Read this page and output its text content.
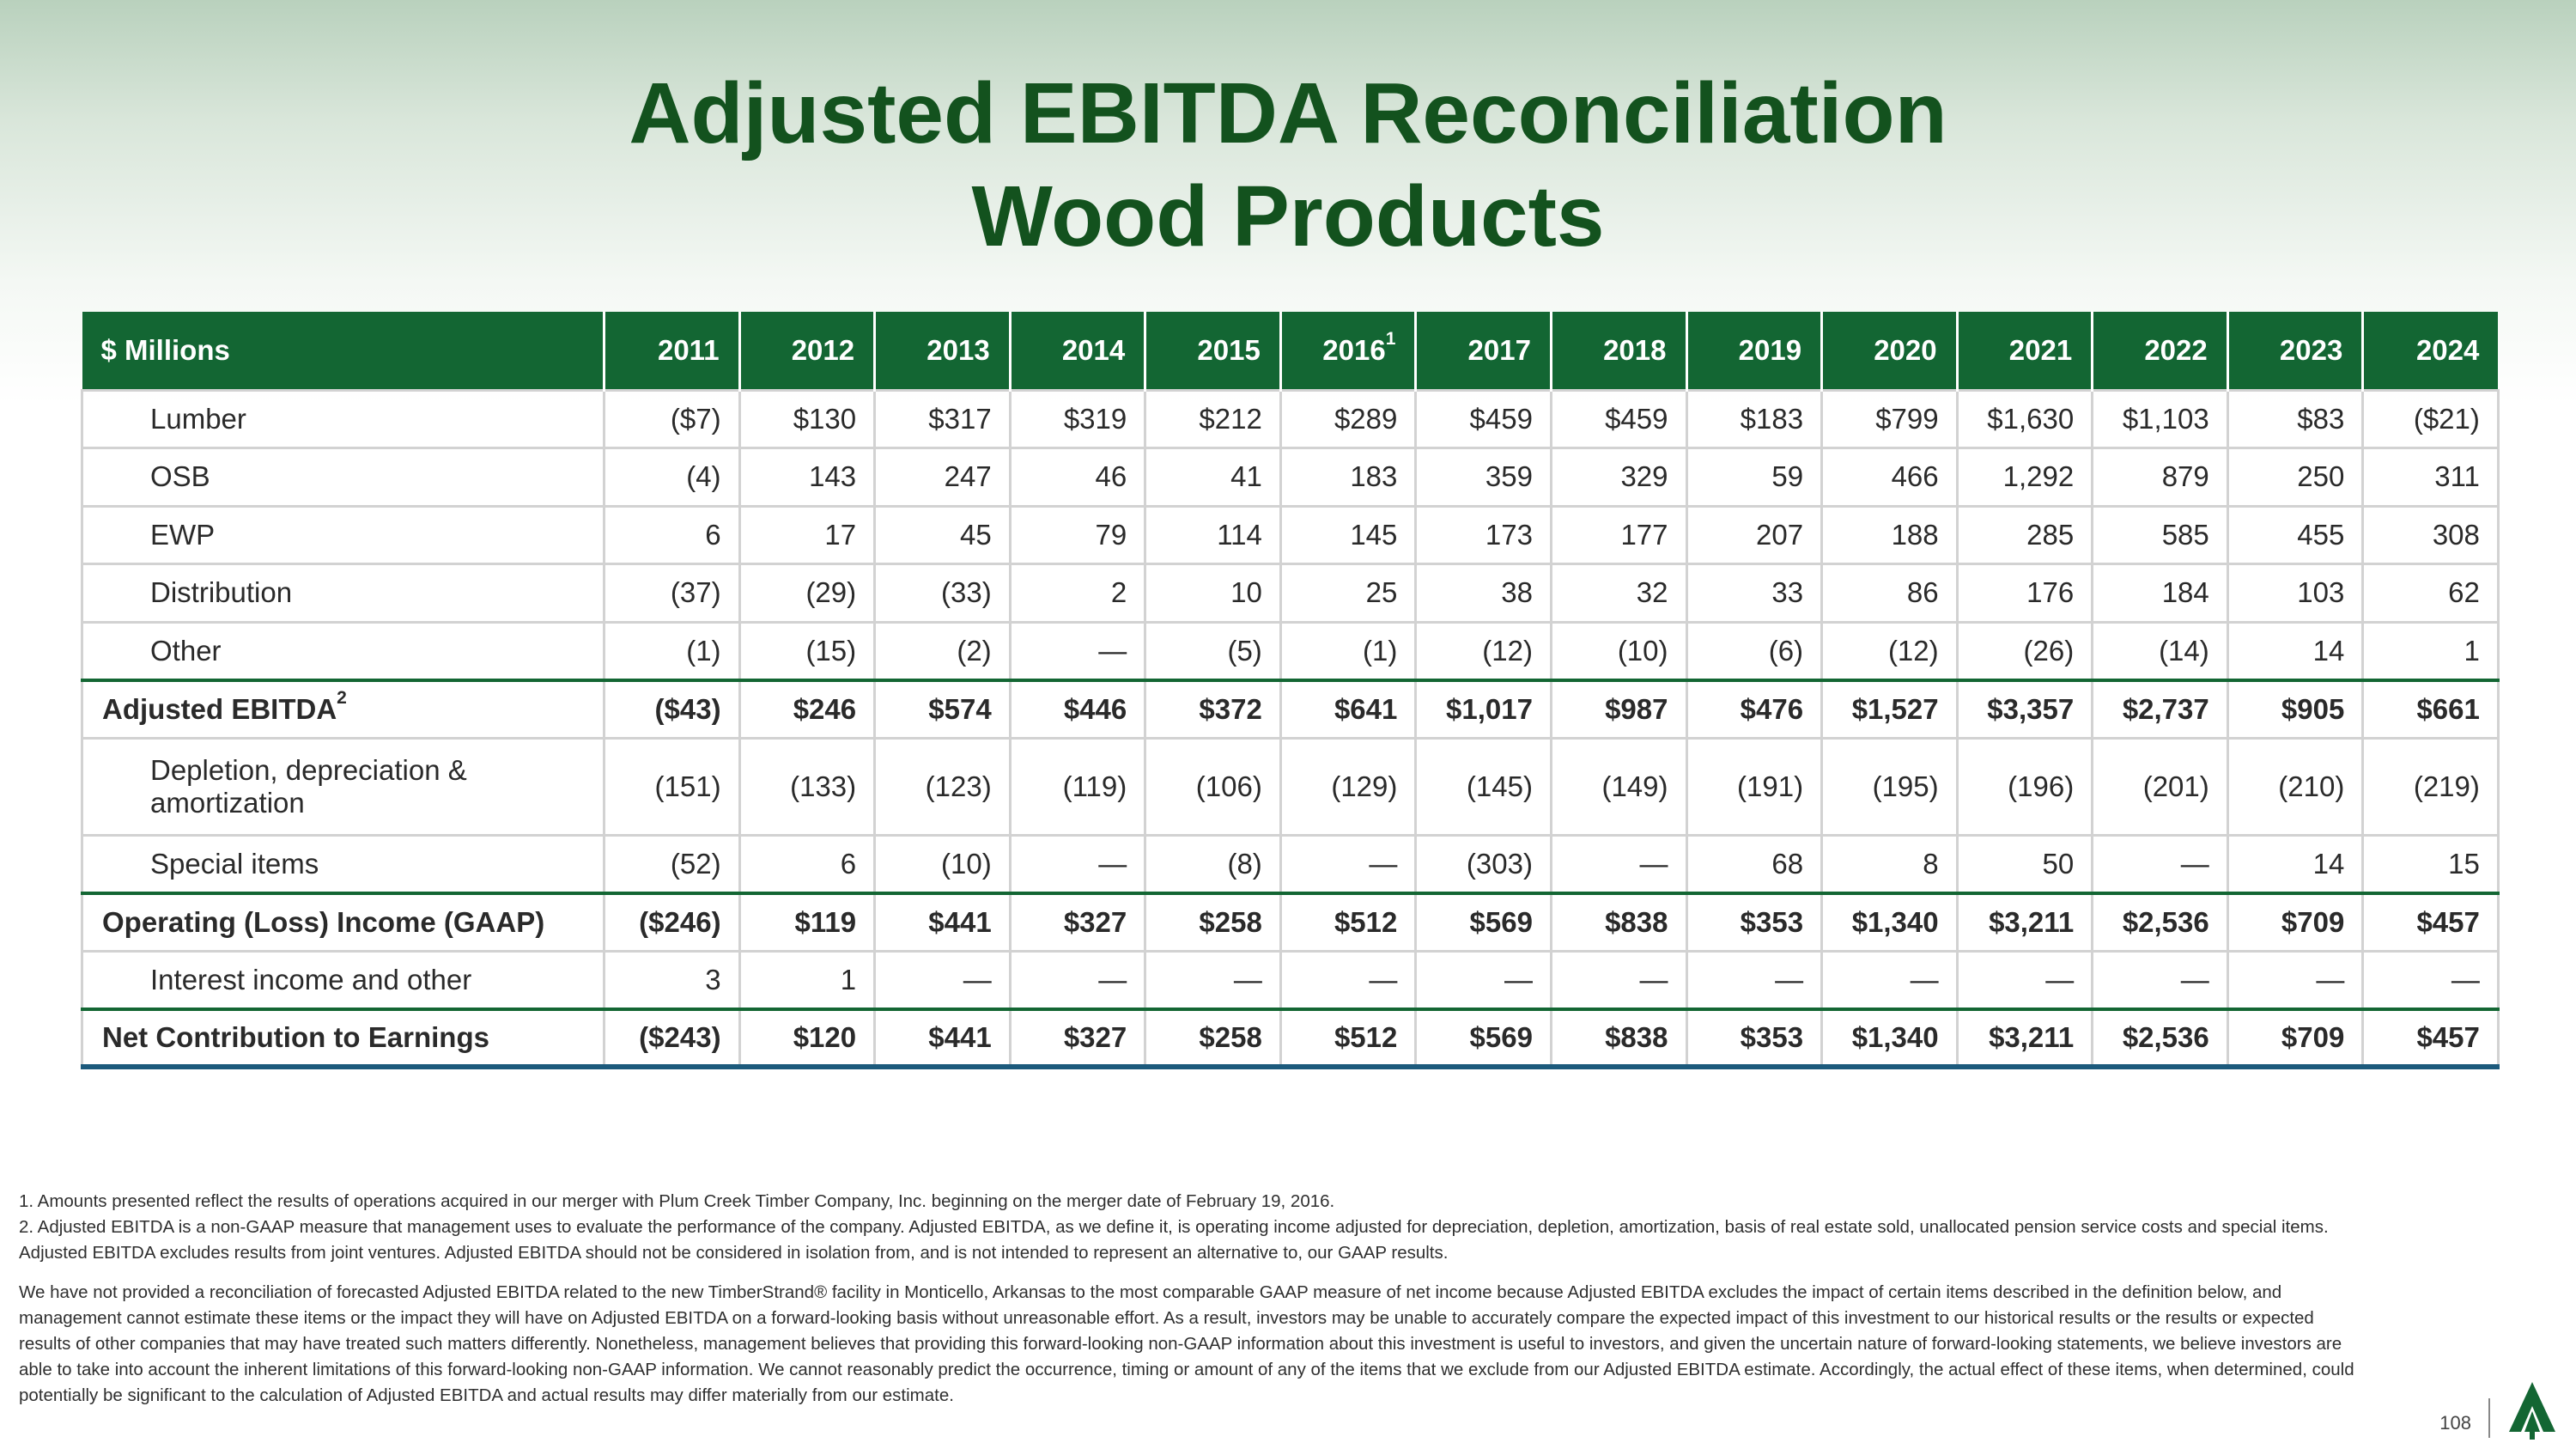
Adjusted EBITDA Reconciliation
Wood Products
$ Millions	2011	2012	2013	2014	2015	2016$^1$	2017	2018	2019	2020	2021	2022	2023	2024
Lumber	($7)	$130	$317	$319	$212	$289	$459	$459	$183	$799	$1,630	$1,103	$83	($21)
OSB	(4)	143	247	46	41	183	359	329	59	466	1,292	879	250	311
EWP	6	17	45	79	114	145	173	177	207	188	285	585	455	308
Distribution	(37)	(29)	(33)	2	10	25	38	32	33	86	176	184	103	62
Other	(1)	(15)	(2)	—	(5)	(1)	(12)	(10)	(6)	(12)	(26)	(14)	14	1
Adjusted EBITDA$^2$	($43)	$246	$574	$446	$372	$641	$1,017	$987	$476	$1,527	$3,357	$2,737	$905	$661
Depletion, depreciation & amortization	(151)	(133)	(123)	(119)	(106)	(129)	(145)	(149)	(191)	(195)	(196)	(201)	(210)	(219)
Special items	(52)	6	(10)	—	(8)	—	(303)	—	68	8	50	—	14	15
Operating (Loss) Income (GAAP)	($246)	$119	$441	$327	$258	$512	$569	$838	$353	$1,340	$3,211	$2,536	$709	$457
Interest income and other	3	1	—	—	—	—	—	—	—	—	—	—	—	—
Net Contribution to Earnings	($243)	$120	$441	$327	$258	$512	$569	$838	$353	$1,340	$3,211	$2,536	$709	$457

1. Amounts presented reflect the results of operations acquired in our merger with Plum Creek Timber Company, Inc. beginning on the merger date of February 19, 2016.

2. Adjusted EBITDA is a non-GAAP measure that management uses to evaluate the performance of the company. Adjusted EBITDA, as we define it, is operating income adjusted for depreciation, depletion, amortization, basis of real estate sold, unallocated pension service costs and special items. Adjusted EBITDA excludes results from joint ventures. Adjusted EBITDA should not be considered in isolation from, and is not intended to represent an alternative to, our GAAP results.

We have not provided a reconciliation of forecasted Adjusted EBITDA related to the new TimberStrand® facility in Monticello, Arkansas to the most comparable GAAP measure of net income because Adjusted EBITDA excludes the impact of certain items described in the definition below, and management cannot estimate these items or the impact they will have on Adjusted EBITDA on a forward-looking basis without unreasonable effort. As a result, investors may be unable to accurately compare the expected impact of this investment to our historical results or the results or expected results of other companies that may have treated such matters differently. Nonetheless, management believes that providing this forward-looking non-GAAP information about this investment is useful to investors, and given the uncertain nature of forward-looking statements, we believe investors are able to take into account the inherent limitations of this forward-looking non-GAAP information. We cannot reasonably predict the occurrence, timing or amount of any of the items that we exclude from our Adjusted EBITDA estimate. Accordingly, the actual effect of these items, when determined, could potentially be significant to the calculation of Adjusted EBITDA and actual results may differ materially from our estimate.

108
